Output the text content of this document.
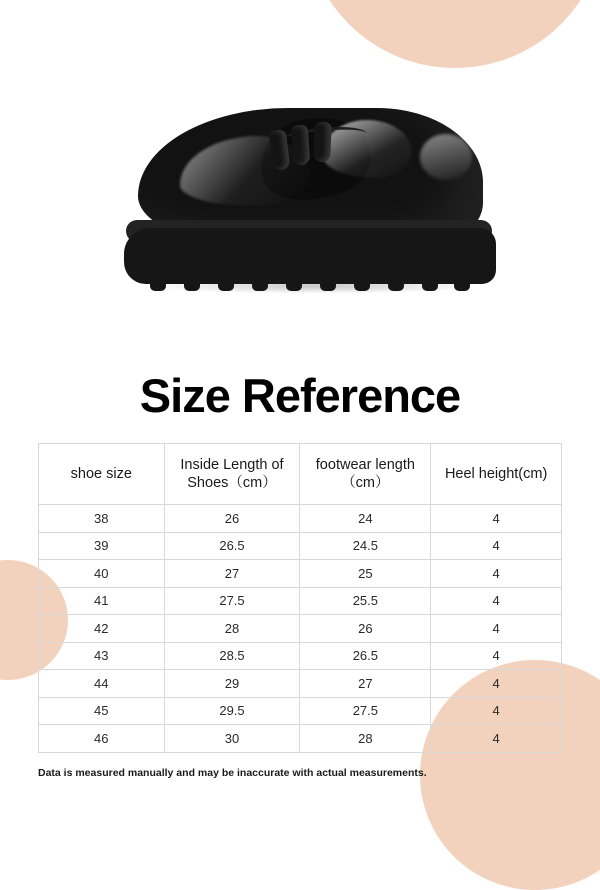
Size Reference
shoe size	Inside Length of Shoes（cm）	footwear length（cm）	Heel height(cm)
38	26	24	4
39	26.5	24.5	4
40	27	25	4
41	27.5	25.5	4
42	28	26	4
43	28.5	26.5	4
44	29	27	4
45	29.5	27.5	4
46	30	28	4
Data is measured manually and may be inaccurate with actual measurements.
